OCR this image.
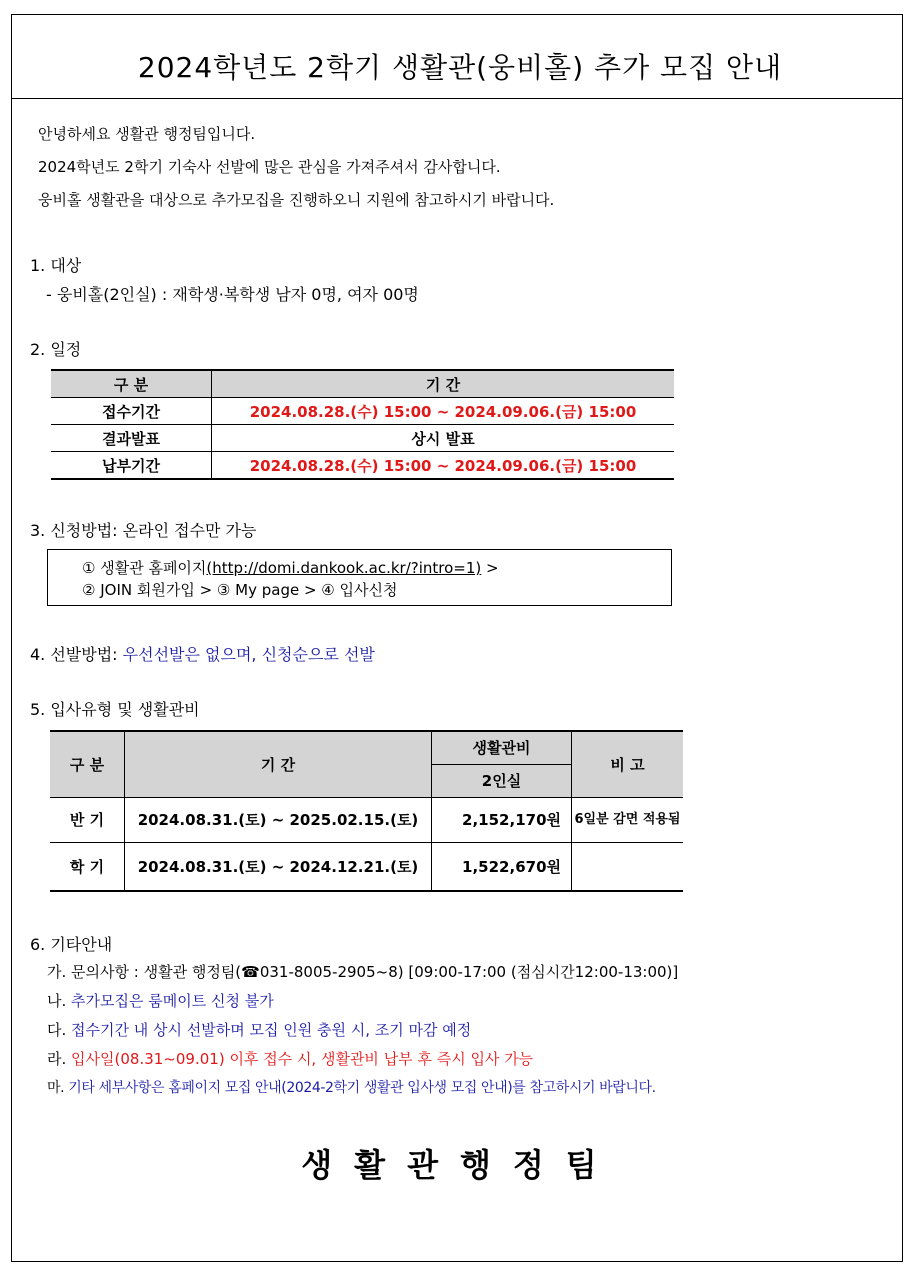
2024학년도 2학기 생활관(웅비홀) 추가 모집 안내
안녕하세요 생활관 행정팀입니다.
2024학년도 2학기 기숙사 선발에 많은 관심을 가져주셔서 감사합니다.
웅비홀 생활관을 대상으로 추가모집을 진행하오니 지원에 참고하시기 바랍니다.
1. 대상
- 웅비홀(2인실) : 재학생·복학생 남자 0명, 여자 00명
2. 일정
구 분	기 간
접수기간	2024.08.28.(수) 15:00 ~ 2024.09.06.(금) 15:00
결과발표	상시 발표
납부기간	2024.08.28.(수) 15:00 ~ 2024.09.06.(금) 15:00
3. 신청방법: 온라인 접수만 가능
① 생활관 홈페이지(http://domi.dankook.ac.kr/?intro=1) >
② JOIN 회원가입 > ③ My page > ④ 입사신청
4. 선발방법: 우선선발은 없으며, 신청순으로 선발
5. 입사유형 및 생활관비
구 분	기 간	생활관비	비 고
		2인실	
반 기	2024.08.31.(토) ~ 2025.02.15.(토)	2,152,170원	6일분 감면 적용됨
학 기	2024.08.31.(토) ~ 2024.12.21.(토)	1,522,670원	
6. 기타안내
가. 문의사항 : 생활관 행정팀(☎031-8005-2905~8) [09:00-17:00 (점심시간12:00-13:00)]
나. 추가모집은 룸메이트 신청 불가
다. 접수기간 내 상시 선발하며 모집 인원 충원 시, 조기 마감 예정
라. 입사일(08.31~09.01) 이후 접수 시, 생활관비 납부 후 즉시 입사 가능
마. 기타 세부사항은 홈페이지 모집 안내(2024-2학기 생활관 입사생 모집 안내)를 참고하시기 바랍니다.
생활관행정팀
